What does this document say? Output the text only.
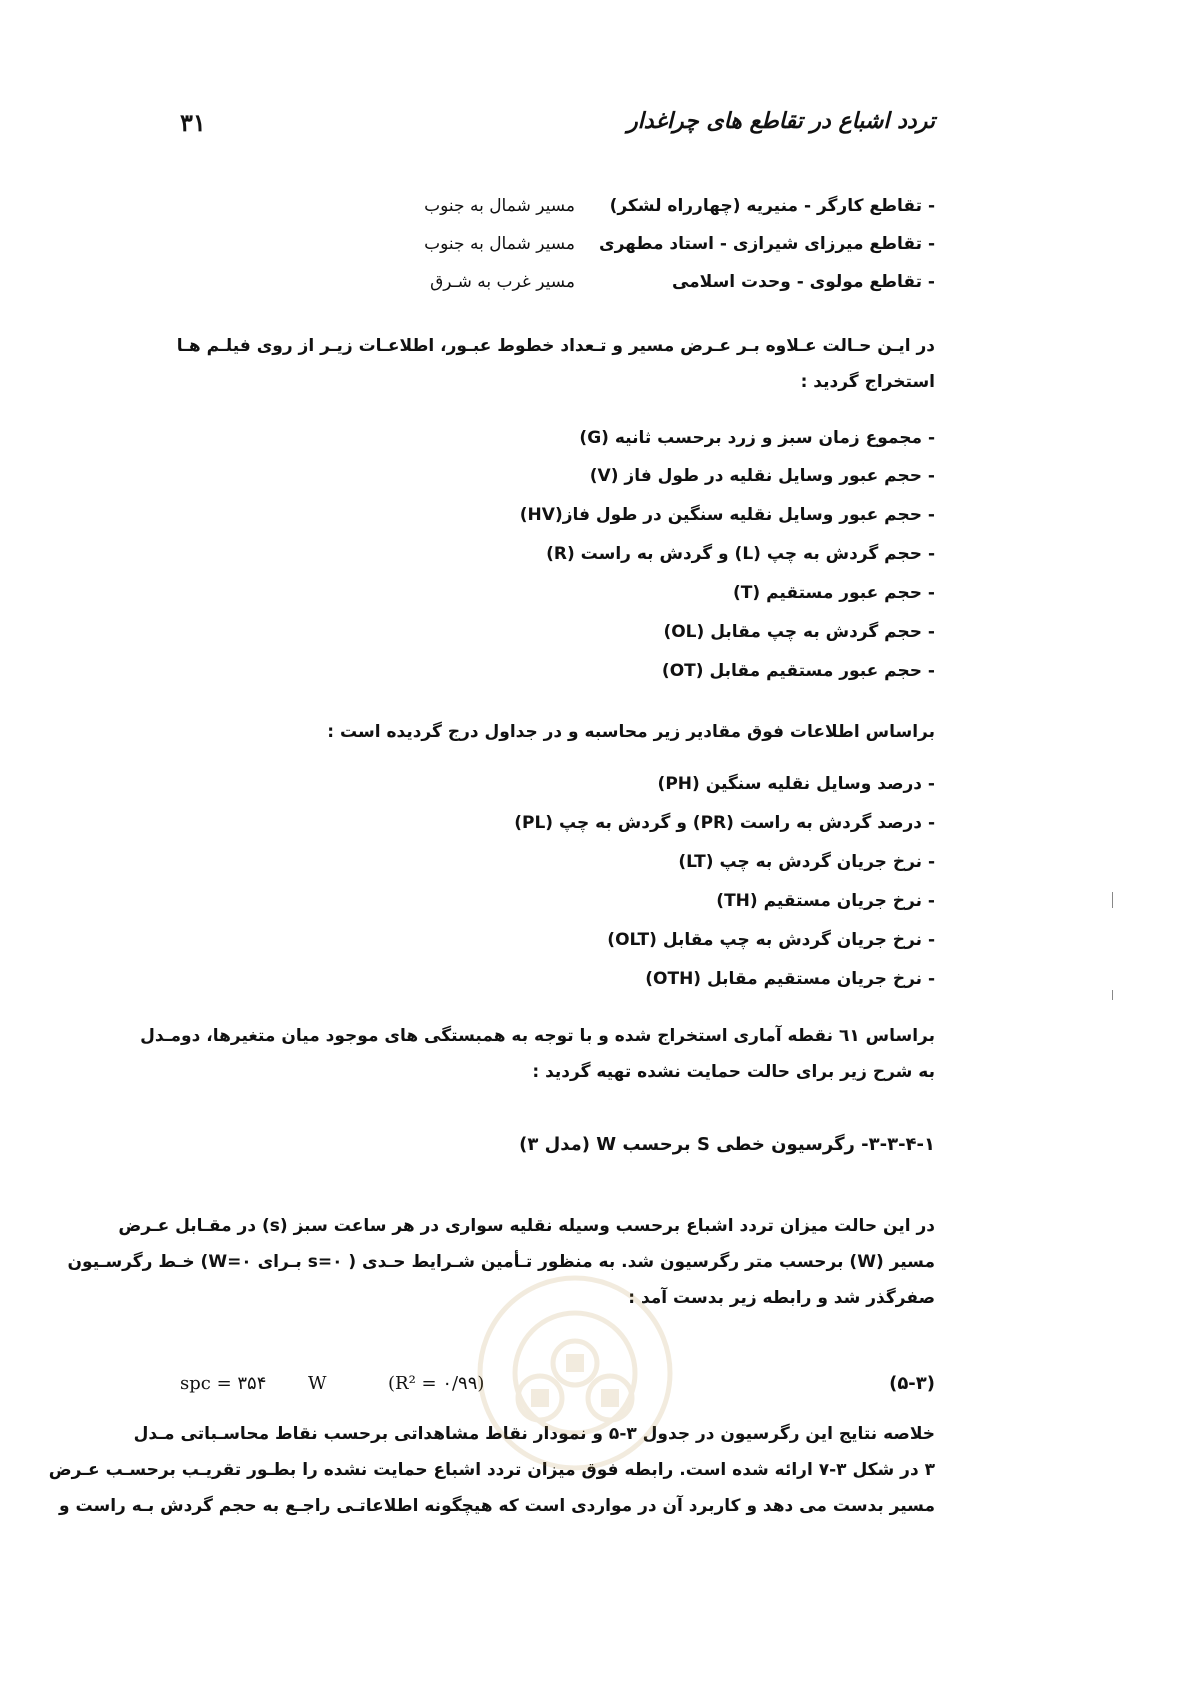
۳۱	تردد اشباع در تقاطع های چراغدار
- تقاطع کارگر - منیریه (چهارراه لشکر)
مسیر شمال به جنوب
- تقاطع میرزای شیرازی - استاد مطهری
مسیر شمال به جنوب
- تقاطع مولوی - وحدت اسلامی
مسیر غرب به شـرق
در ایـن حـالت عـلاوه بـر عـرض مسیر و تـعداد خطوط عبـور، اطلاعـات زیـر از روی فیلـم هـا
استخراج گردید :
- مجموع زمان سبز و زرد برحسب ثانیه (G)
- حجم عبور وسایل نقلیه در طول فاز (V)
- حجم عبور وسایل نقلیه سنگین در طول فاز(HV)
- حجم گردش به چپ (L) و گردش به راست (R)
- حجم عبور مستقیم (T)
- حجم گردش به چپ مقابل (OL)
- حجم عبور مستقیم مقابل (OT)
براساس اطلاعات فوق مقادیر زیر محاسبه و در جداول درج گردیده است :
- درصد وسایل نقلیه سنگین (PH)
- درصد گردش به راست (PR) و گردش به چپ (PL)
- نرخ جریان گردش به چپ (LT)
- نرخ جریان مستقیم (TH)
- نرخ جریان گردش به چپ مقابل (OLT)
- نرخ جریان مستقیم مقابل (OTH)
براساس ٦١ نقطه آماری استخراج شده و با توجه به همبستگی های موجود میان متغیرها، دومـدل
به شرح زیر برای حالت حمایت نشده تهیه گردید :
۳-۳-۴-۱- رگرسیون خطی S برحسب W (مدل ۳)
در این حالت میزان تردد اشباع برحسب وسیله نقلیه سواری در هر ساعت سبز (s) در مقـابل عـرض
مسیر (W) برحسب متر رگرسیون شد. به منظور تـأمین شـرایط حـدی ( s=۰ بـرای W=۰) خـط رگرسـیون
صفرگذر شد و رابطه زیر بدست آمد :
spc = ۳۵۴ W	(R² = ۰/۹۹)	(۵-۳)
خلاصه نتایج این رگرسیون در جدول ۳-۵ و نمودار نقاط مشاهداتی برحسب نقاط محاسـباتی مـدل
۳ در شکل ۳-۷ ارائه شده است. رابطه فوق میزان تردد اشباع حمایت نشده را بطـور تقریـب برحسـب عـرض
مسیر بدست می دهد و کاربرد آن در مواردی است که هیچگونه اطلاعاتـی راجـع به حجم گردش بـه راست و
